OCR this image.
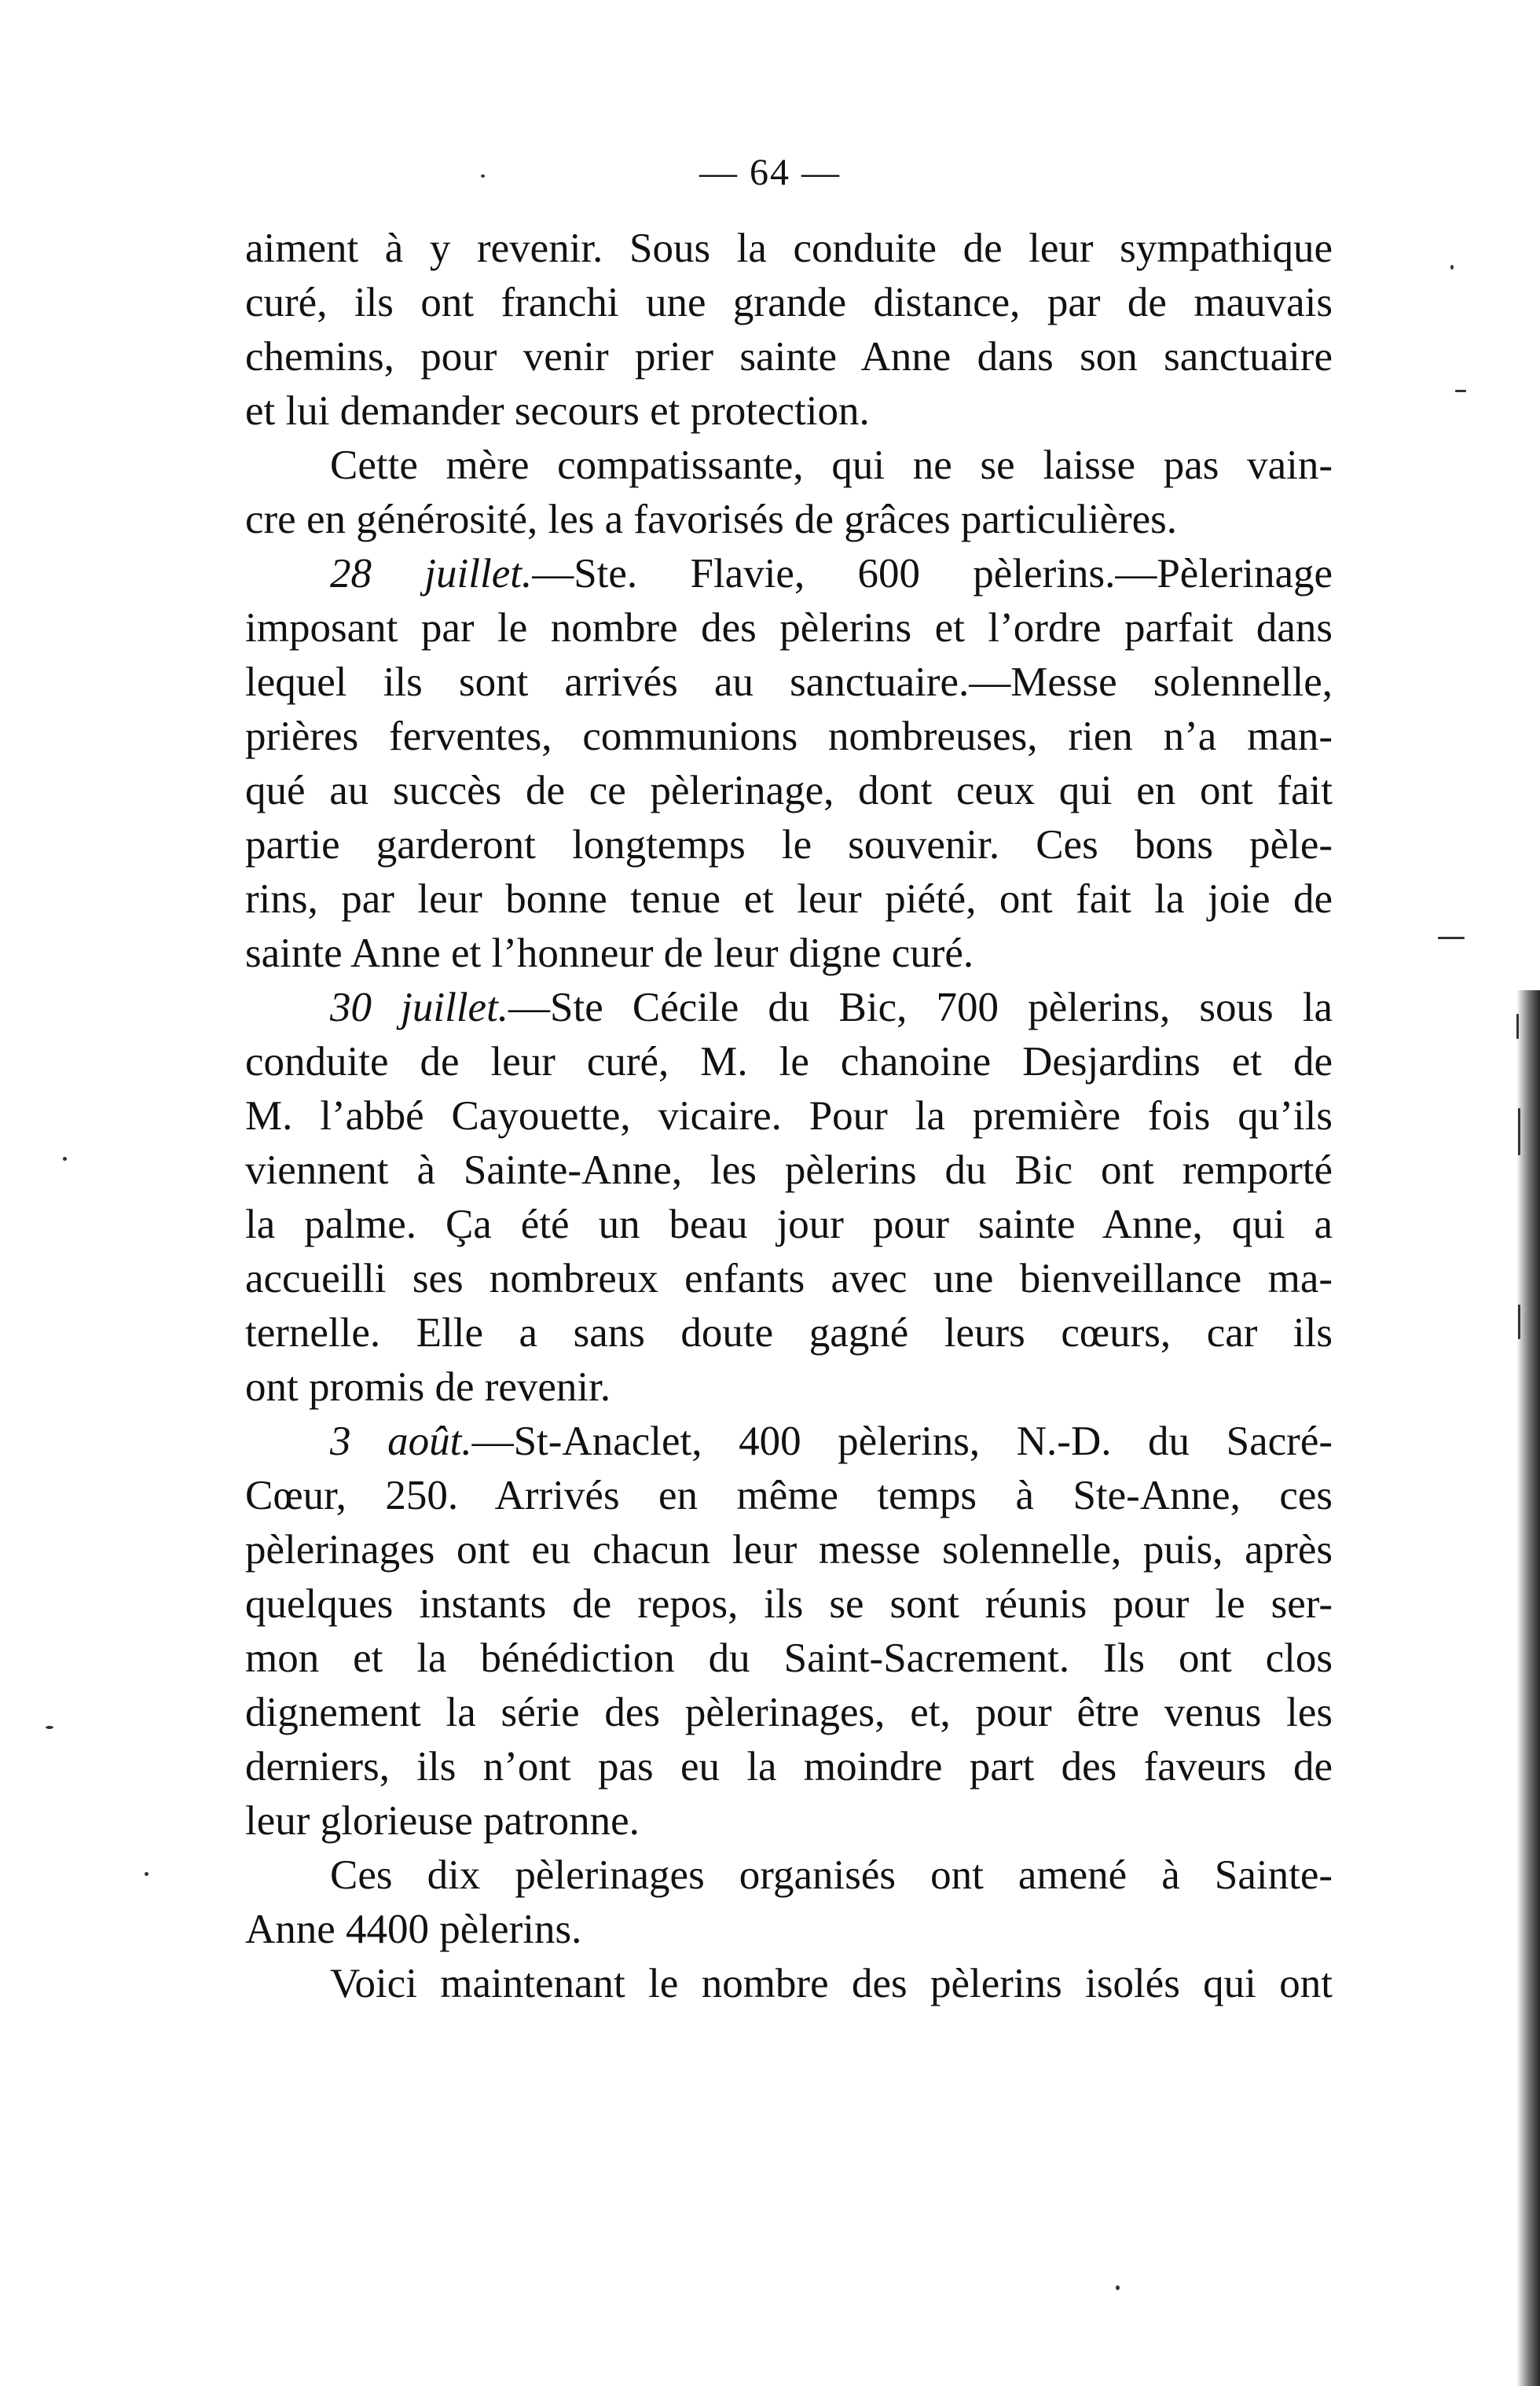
— 64 —

aiment à y revenir. Sous la conduite de leur sympathique
curé, ils ont franchi une grande distance, par de mauvais
chemins, pour venir prier sainte Anne dans son sanctuaire
et lui demander secours et protection.

Cette mère compatissante, qui ne se laisse pas vain-
cre en générosité, les a favorisés de grâces particulières.

28 juillet.—Ste. Flavie, 600 pèlerins.—Pèlerinage
imposant par le nombre des pèlerins et l’ordre parfait dans
lequel ils sont arrivés au sanctuaire.—Messe solennelle,
prières ferventes, communions nombreuses, rien n’a man-
qué au succès de ce pèlerinage, dont ceux qui en ont fait
partie garderont longtemps le souvenir. Ces bons pèle-
rins, par leur bonne tenue et leur piété, ont fait la joie de
sainte Anne et l’honneur de leur digne curé.

30 juillet.—Ste Cécile du Bic, 700 pèlerins, sous la
conduite de leur curé, M. le chanoine Desjardins et de
M. l’abbé Cayouette, vicaire. Pour la première fois qu’ils
viennent à Sainte-Anne, les pèlerins du Bic ont remporté
la palme. Ça été un beau jour pour sainte Anne, qui a
accueilli ses nombreux enfants avec une bienveillance ma-
ternelle. Elle a sans doute gagné leurs cœurs, car ils
ont promis de revenir.

3 août.—St-Anaclet, 400 pèlerins, N.-D. du Sacré-
Cœur, 250. Arrivés en même temps à Ste-Anne, ces
pèlerinages ont eu chacun leur messe solennelle, puis, après
quelques instants de repos, ils se sont réunis pour le ser-
mon et la bénédiction du Saint-Sacrement. Ils ont clos
dignement la série des pèlerinages, et, pour être venus les
derniers, ils n’ont pas eu la moindre part des faveurs de
leur glorieuse patronne.

Ces dix pèlerinages organisés ont amené à Sainte-
Anne 4400 pèlerins.

Voici maintenant le nombre des pèlerins isolés qui ont
